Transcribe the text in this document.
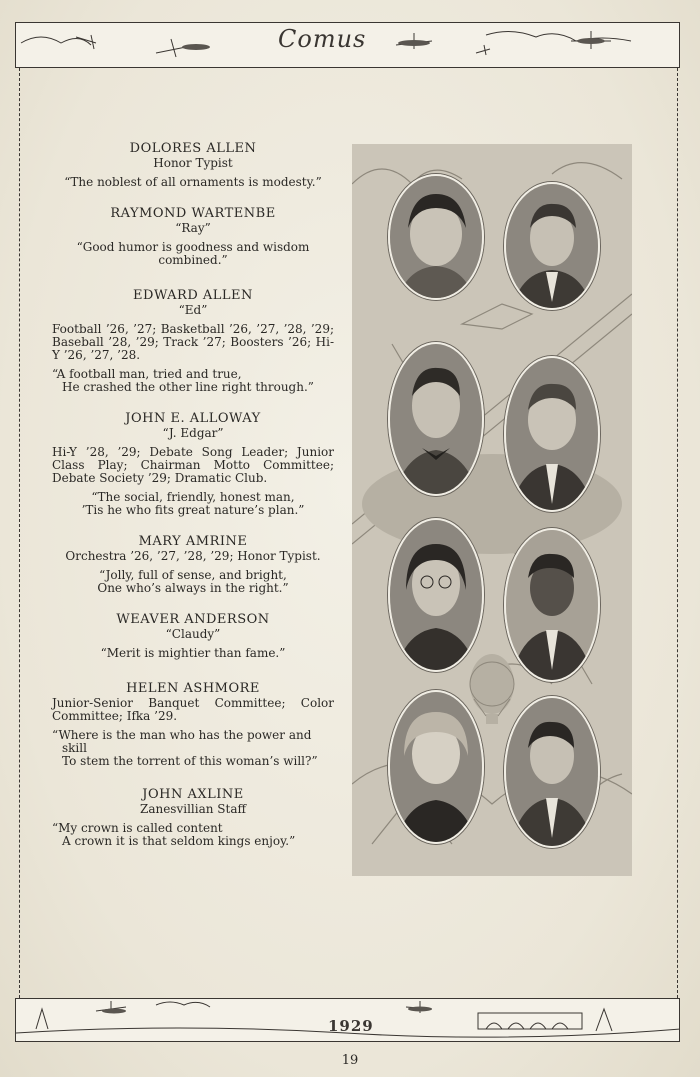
Comus
DOLORES ALLEN
Honor Typist
“The noblest of all ornaments is modesty.”
RAYMOND WARTENBE
“Ray”
“Good humor is goodness and wisdom
combined.”
EDWARD ALLEN
“Ed”
Football ’26, ’27; Basketball ’26, ’27, ’28, ’29; Baseball ’28, ’29; Track ’27; Boosters ’26; Hi-Y ’26, ’27, ’28.
“A football man, tried and true,
He crashed the other line right through.”
JOHN E. ALLOWAY
“J. Edgar”
Hi-Y ’28, ’29; Debate Song Leader; Junior Class Play; Chairman Motto Committee; Debate Society ’29; Dramatic Club.
“The social, friendly, honest man,
’Tis he who fits great nature’s plan.”
MARY AMRINE
Orchestra ’26, ’27, ’28, ’29; Honor Typist.
“Jolly, full of sense, and bright,
One who’s always in the right.”
WEAVER ANDERSON
“Claudy”
“Merit is mightier than fame.”
HELEN ASHMORE
Junior-Senior Banquet Committee; Color Committee; Ifka ’29.
“Where is the man who has the power and
skill
To stem the torrent of this woman’s will?”
JOHN AXLINE
Zanesvillian Staff
“My crown is called content
A crown it is that seldom kings enjoy.”
1929
19
